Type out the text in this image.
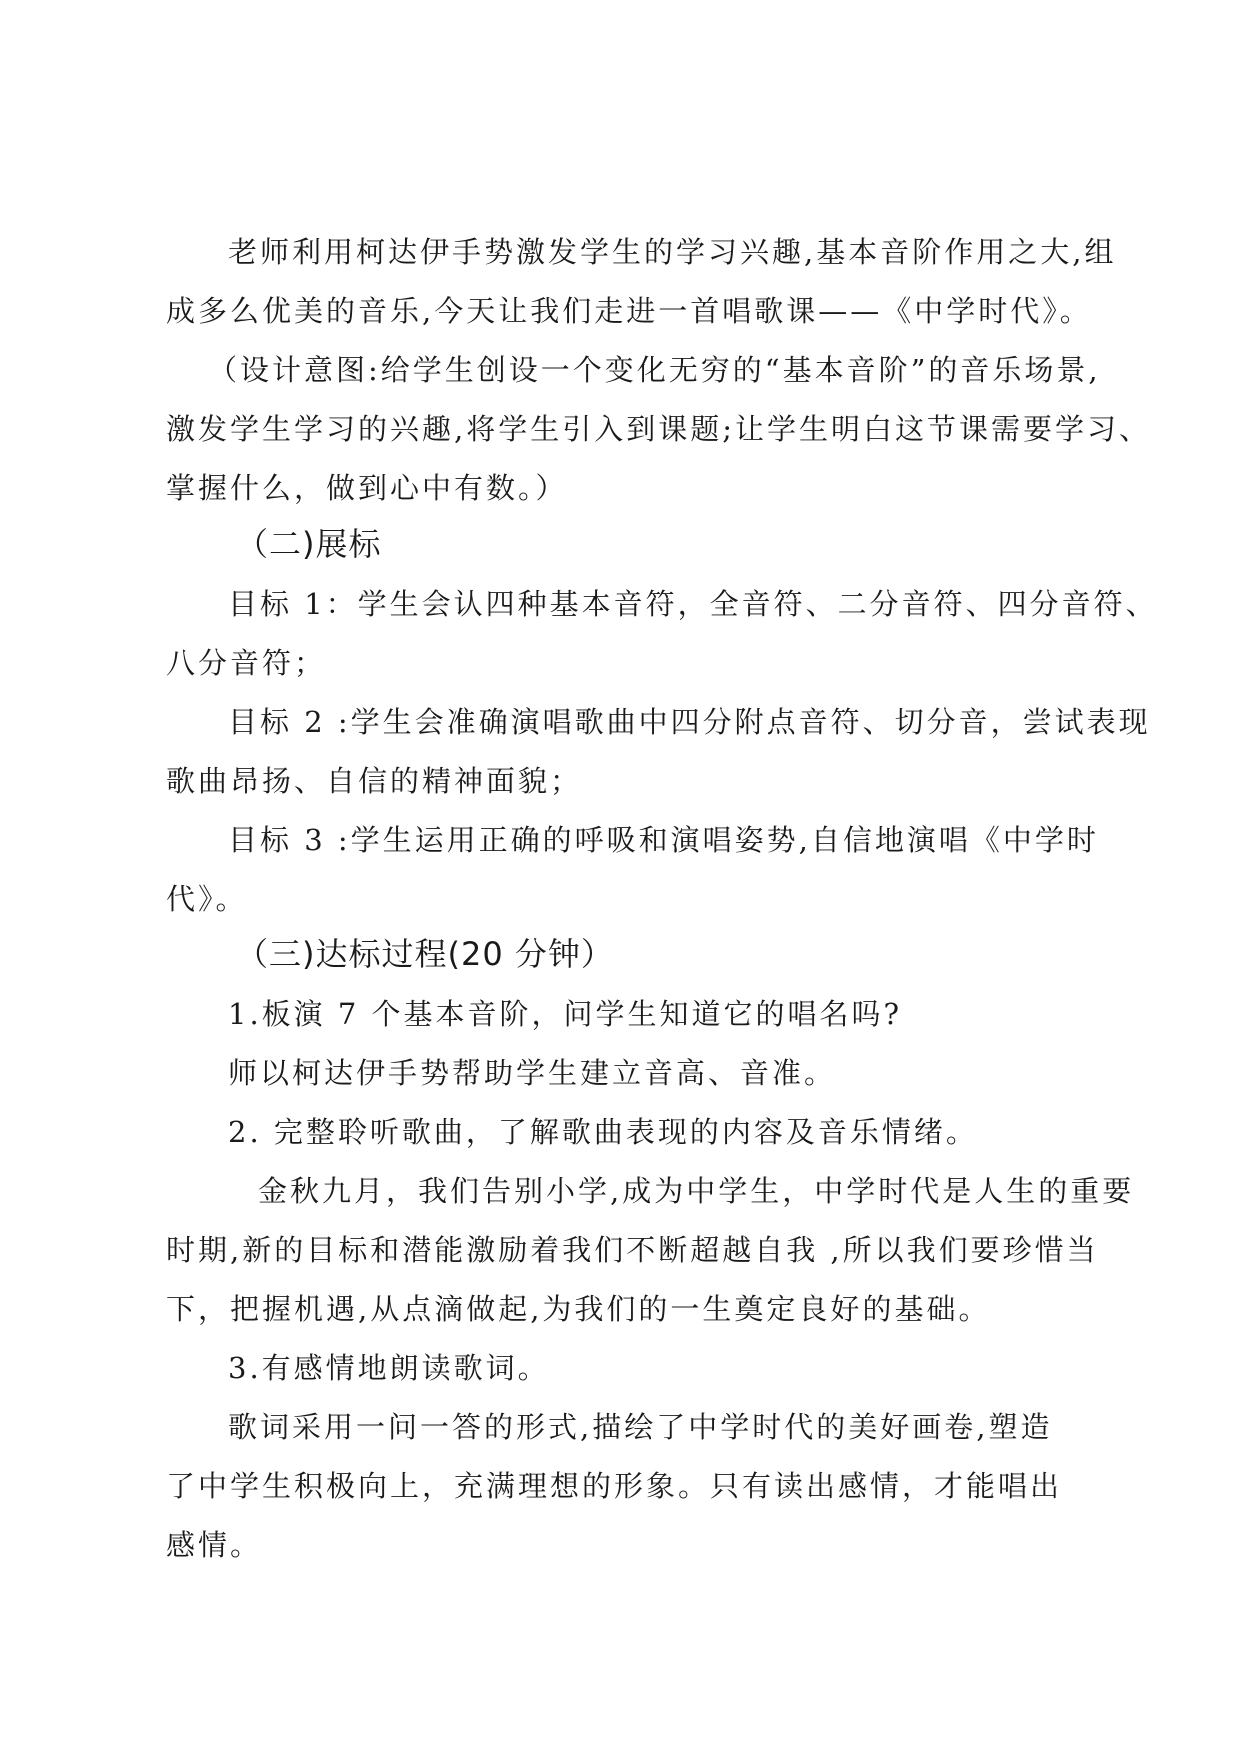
老师利用柯达伊手势激发学生的学习兴趣,基本音阶作用之大,组
成多么优美的音乐,今天让我们走进一首唱歌课——《中学时代》。
（设计意图:给学生创设一个变化无穷的“基本音阶”的音乐场景,
激发学生学习的兴趣,将学生引入到课题;让学生明白这节课需要学习、
掌握什么，做到心中有数。）
（二)展标
目标 1：学生会认四种基本音符，全音符、二分音符、四分音符、
八分音符；
目标 2 :学生会准确演唱歌曲中四分附点音符、切分音，尝试表现
歌曲昂扬、自信的精神面貌；
目标 3 :学生运用正确的呼吸和演唱姿势,自信地演唱《中学时
代》。
（三)达标过程(20 分钟）
1.板演 7 个基本音阶，问学生知道它的唱名吗?
师以柯达伊手势帮助学生建立音高、音准。
2. 完整聆听歌曲，了解歌曲表现的内容及音乐情绪。
金秋九月，我们告别小学,成为中学生，中学时代是人生的重要
时期,新的目标和潜能激励着我们不断超越自我 ,所以我们要珍惜当
下，把握机遇,从点滴做起,为我们的一生奠定良好的基础。
3.有感情地朗读歌词。
歌词采用一问一答的形式,描绘了中学时代的美好画卷,塑造
了中学生积极向上，充满理想的形象。只有读出感情，才能唱出
感情。
